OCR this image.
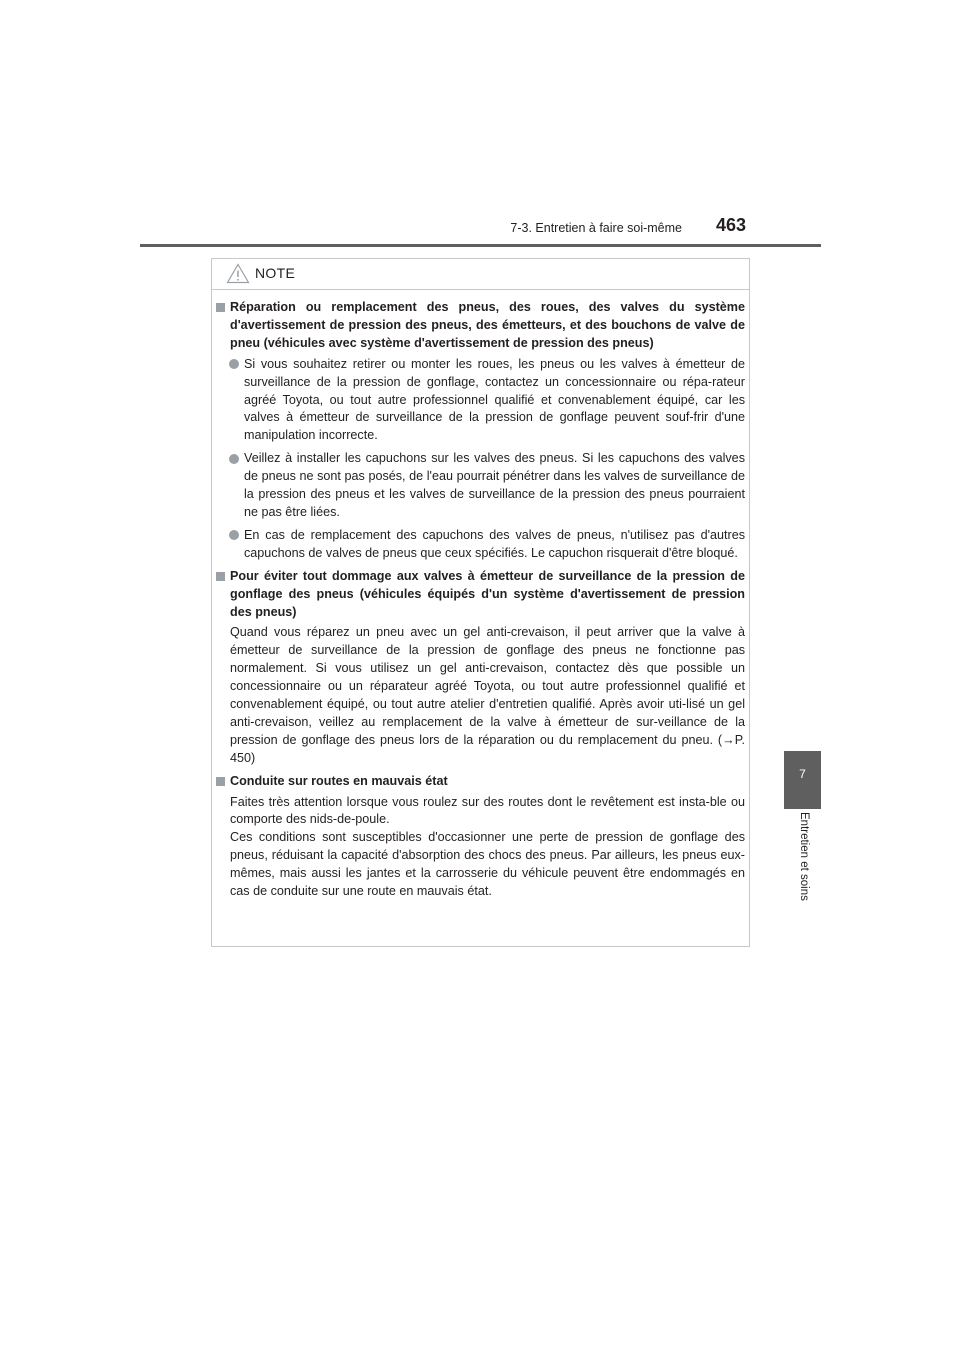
7-3. Entretien à faire soi-même 463
7
Entretien et soins
NOTE
Réparation ou remplacement des pneus, des roues, des valves du système d'avertissement de pression des pneus, des émetteurs, et des bouchons de valve de pneu (véhicules avec système d'avertissement de pression des pneus)
Si vous souhaitez retirer ou monter les roues, les pneus ou les valves à émetteur de surveillance de la pression de gonflage, contactez un concessionnaire ou répa-rateur agréé Toyota, ou tout autre professionnel qualifié et convenablement équipé, car les valves à émetteur de surveillance de la pression de gonflage peuvent souf-frir d'une manipulation incorrecte.
Veillez à installer les capuchons sur les valves des pneus. Si les capuchons des valves de pneus ne sont pas posés, de l'eau pourrait pénétrer dans les valves de surveillance de la pression des pneus et les valves de surveillance de la pression des pneus pourraient ne pas être liées.
En cas de remplacement des capuchons des valves de pneus, n'utilisez pas d'autres capuchons de valves de pneus que ceux spécifiés. Le capuchon risquerait d'être bloqué.
Pour éviter tout dommage aux valves à émetteur de surveillance de la pression de gonflage des pneus (véhicules équipés d'un système d'avertissement de pression des pneus)
Quand vous réparez un pneu avec un gel anti-crevaison, il peut arriver que la valve à émetteur de surveillance de la pression de gonflage des pneus ne fonctionne pas normalement. Si vous utilisez un gel anti-crevaison, contactez dès que possible un concessionnaire ou un réparateur agréé Toyota, ou tout autre professionnel qualifié et convenablement équipé, ou tout autre atelier d'entretien qualifié. Après avoir uti-lisé un gel anti-crevaison, veillez au remplacement de la valve à émetteur de sur-veillance de la pression de gonflage des pneus lors de la réparation ou du remplacement du pneu. (→P. 450)
Conduite sur routes en mauvais état
Faites très attention lorsque vous roulez sur des routes dont le revêtement est insta-ble ou comporte des nids-de-poule.
Ces conditions sont susceptibles d'occasionner une perte de pression de gonflage des pneus, réduisant la capacité d'absorption des chocs des pneus. Par ailleurs, les pneus eux-mêmes, mais aussi les jantes et la carrosserie du véhicule peuvent être endommagés en cas de conduite sur une route en mauvais état.
